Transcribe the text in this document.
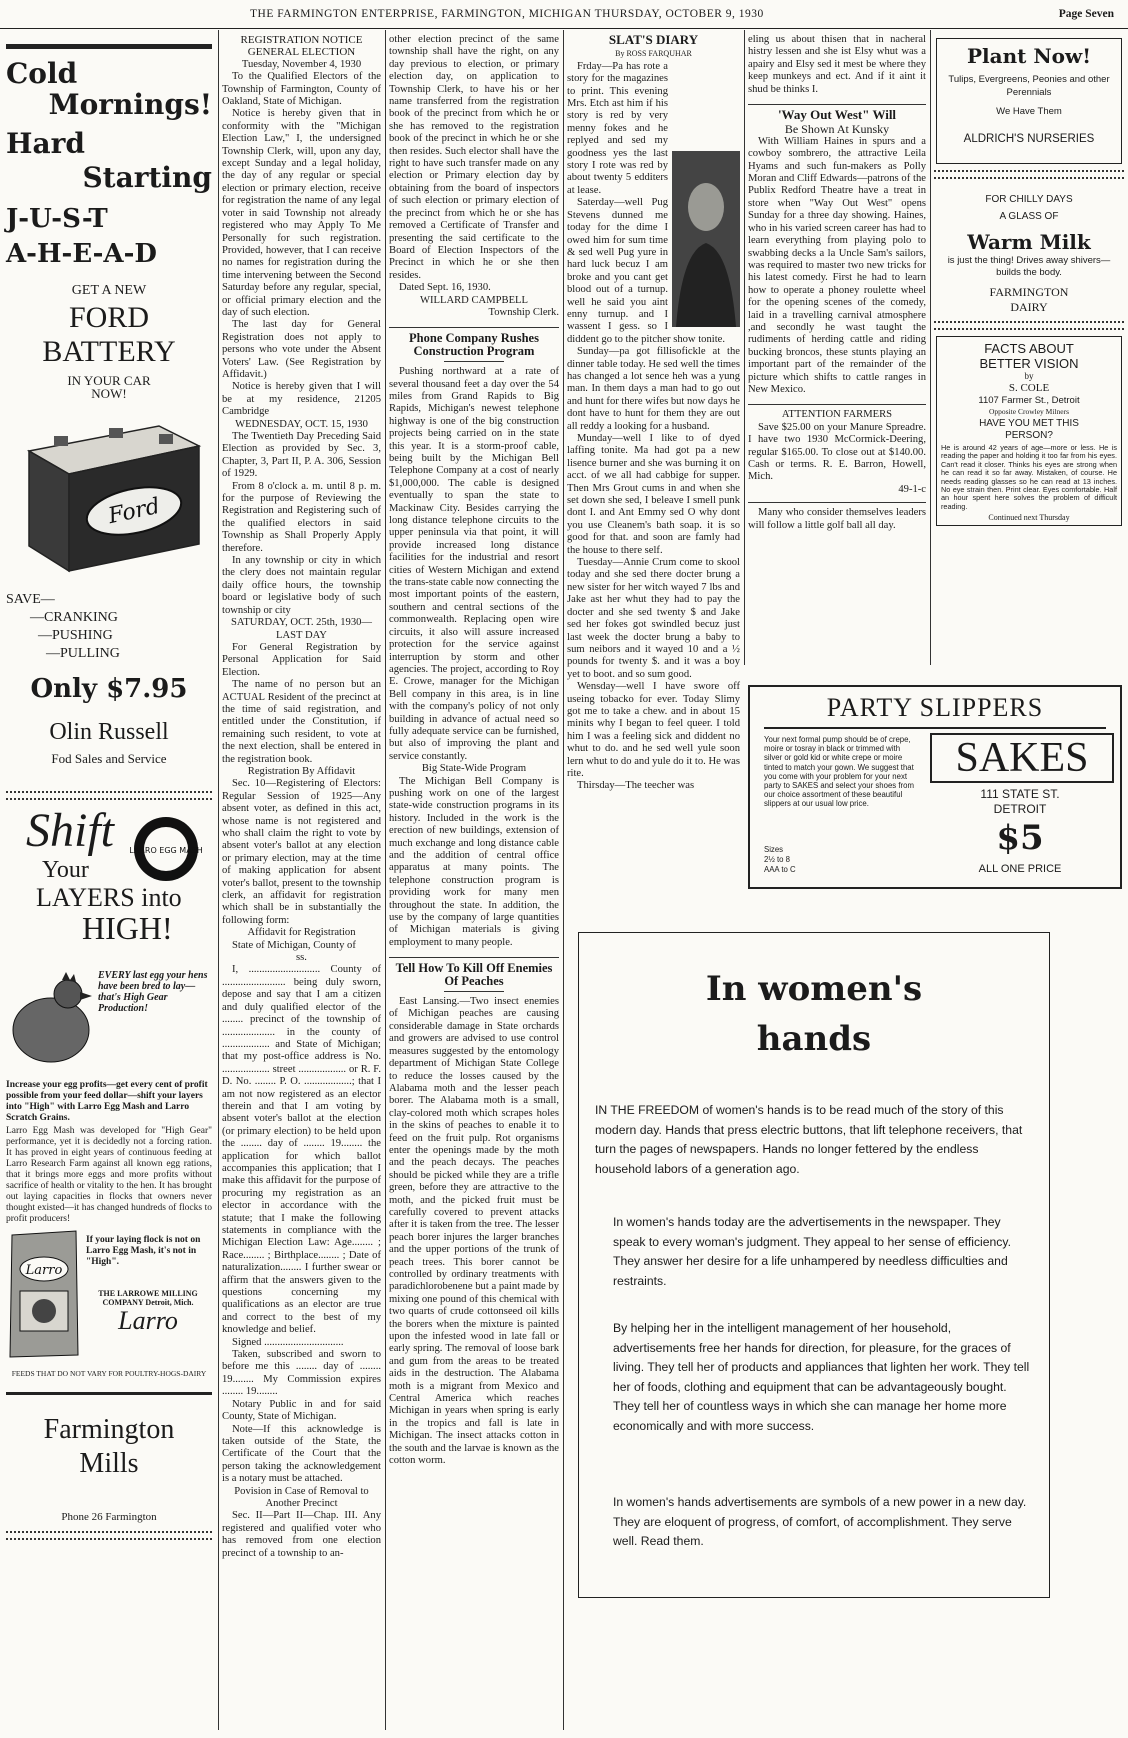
THE FARMINGTON ENTERPRISE, FARMINGTON, MICHIGAN THURSDAY, OCTOBER 9, 1930	Page Seven
Cold
Mornings!
Hard
Starting
J-U-S-T
A-H-E-A-D
GET A NEW
FORD
BATTERY
IN YOUR CAR
NOW!
Ford
SAVE—
—CRANKING
—PUSHING
—PULLING
Only $7.95
Olin Russell
Fod Sales and Service
Shift LARRO EGG MASH
Your
LAYERS into
HIGH!
EVERY last egg your hens have been bred to lay—that's High Gear Production!
Increase your egg profits—get every cent of profit possible from your feed dollar—shift your layers into "High" with Larro Egg Mash and Larro Scratch Grains.
Larro Egg Mash was developed for "High Gear" performance, yet it is decidedly not a forcing ration. It has proved in eight years of continuous feeding at Larro Research Farm against all known egg rations, that it brings more eggs and more profits without sacrifice of health or vitality to the hen. It has brought out laying capacities in flocks that owners never thought existed—it has changed hundreds of flocks to profit producers!
Larro
If your laying flock is not on Larro Egg Mash, it's not in "High".
THE LARROWE MILLING COMPANY Detroit, Mich.
Larro
FEEDS THAT DO NOT VARY FOR POULTRY-HOGS-DAIRY
Farmington Mills
Phone 26 Farmington

REGISTRATION NOTICE

GENERAL ELECTION

Tuesday, November 4, 1930

To the Qualified Electors of the Township of Farmington, County of Oakland, State of Michigan.

Notice is hereby given that in conformity with the "Michigan Election Law," I, the undersigned Township Clerk, will, upon any day, except Sunday and a legal holiday, the day of any regular or special election or primary election, receive for registration the name of any legal voter in said Township not already registered who may Apply To Me Personally for such registration. Provided, however, that I can receive no names for registration during the time intervening between the Second Saturday before any regular, special, or official primary election and the day of such election.

The last day for General Registration does not apply to persons who vote under the Absent Voters' Law. (See Registration by Affidavit.)

Notice is hereby given that I will be at my residence, 21205 Cambridge

WEDNESDAY, OCT. 15, 1930

The Twentieth Day Preceding Said Election as provided by Sec. 3, Chapter, 3, Part II, P. A. 306, Session of 1929.

From 8 o'clock a. m. until 8 p. m. for the purpose of Reviewing the Registration and Registering such of the qualified electors in said Township as Shall Properly Apply therefore.

In any township or city in which the clery does not maintain regular daily office hours, the township board or legislative body of such township or city

SATURDAY, OCT. 25th, 1930—LAST DAY

For General Registration by Personal Application for Said Election.

The name of no person but an ACTUAL Resident of the precinct at the time of said registration, and entitled under the Constitution, if remaining such resident, to vote at the next election, shall be entered in the registration book.

Registration By Affidavit

Sec. 10—Registering of Electors: Regular Session of 1925—Any absent voter, as defined in this act, whose name is not registered and who shall claim the right to vote by absent voter's ballot at any election or primary election, may at the time of making application for absent voter's ballot, present to the township clerk, an affidavit for registration which shall be in substantially the following form:

Affidavit for Registration

State of Michigan, County of

ss.

I, ........................... County of ........................ being duly sworn, depose and say that I am a citizen and duly qualified elector of the ........ precinct of the township of .................... in the county of .................. and State of Michigan; that my post-office address is No. .................. street .................. or R. F. D. No. ........ P. O. ..................; that I am not now registered as an elector therein and that I am voting by absent voter's ballot at the election (or primary election) to be held upon the ........ day of ........ 19........ the application for which ballot accompanies this application; that I make this affidavit for the purpose of procuring my registration as an elector in accordance with the statute; that I make the following statements in compliance with the Michigan Election Law: Age........ ; Race........ ; Birthplace........ ; Date of naturalization........ I further swear or affirm that the answers given to the questions concerning my qualifications as an elector are true and correct to the best of my knowledge and belief.

Signed ..............................

Taken, subscribed and sworn to before me this ........ day of ........ 19........ My Commission expires ........ 19........

Notary Public in and for said County, State of Michigan.

Note—If this acknowledge is taken outside of the State, the Certificate of the Court that the person taking the acknowledgement is a notary must be attached.

Povision in Case of Removal to Another Precinct

Sec. II—Part II—Chap. III. Any registered and qualified voter who has removed from one election precinct of a township to an-

other election precinct of the same township shall have the right, on any day previous to election, or primary election day, on application to Township Clerk, to have his or her name transferred from the registration book of the precinct from which he or she has removed to the registration book of the precinct in which he or she then resides. Such elector shall have the right to have such transfer made on any election or Primary election day by obtaining from the board of inspectors of such election or primary election of the precinct from which he or she has removed a Certificate of Transfer and presenting the said certificate to the Board of Election Inspectors of the Precinct in which he or she then resides.

Dated Sept. 16, 1930.

WILLARD CAMPBELL

Township Clerk.

Phone Company Rushes Construction Program

Pushing northward at a rate of several thousand feet a day over the 54 miles from Grand Rapids to Big Rapids, Michigan's newest telephone highway is one of the big construction projects being carried on in the state this year. It is a storm-proof cable, being built by the Michigan Bell Telephone Company at a cost of nearly $1,000,000. The cable is designed eventually to span the state to Mackinaw City. Besides carrying the long distance telephone circuits to the upper peninsula via that point, it will provide increased long distance facilities for the industrial and resort cities of Western Michigan and extend the trans-state cable now connecting the most important points of the eastern, southern and central sections of the commonwealth. Replacing open wire circuits, it also will assure increased protection for the service against interruption by storm and other agencies. The project, according to Roy E. Crowe, manager for the Michigan Bell company in this area, is in line with the company's policy of not only building in advance of actual need so fully adequate service can be furnished, but also of improving the plant and service constantly.

Big State-Wide Program

The Michigan Bell Company is pushing work on one of the largest state-wide construction programs in its history. Included in the work is the erection of new buildings, extension of much exchange and long distance cable and the addition of central office apparatus at many points. The telephone construction program is providing work for many men throughout the state. In addition, the use by the company of large quantities of Michigan materials is giving employment to many people.

Tell How To Kill Off Enemies Of Peaches

East Lansing.—Two insect enemies of Michigan peaches are causing considerable damage in State orchards and growers are advised to use control measures suggested by the entomology department of Michigan State College to reduce the losses caused by the Alabama moth and the lesser peach borer. The Alabama moth is a small, clay-colored moth which scrapes holes in the skins of peaches to enable it to feed on the fruit pulp. Rot organisms enter the openings made by the moth and the peach decays. The peaches should be picked while they are a trifle green, before they are attractive to the moth, and the picked fruit must be carefully covered to prevent attacks after it is taken from the tree. The lesser peach borer injures the larger branches and the upper portions of the trunk of peach trees. This borer cannot be controlled by ordinary treatments with paradichlorobenene but a paint made by mixing one pound of this chemical with two quarts of crude cottonseed oil kills the borers when the mixture is painted upon the infested wood in late fall or early spring. The removal of loose bark and gum from the areas to be treated aids in the destruction. The Alabama moth is a migrant from Mexico and Central America which reaches Michigan in years when spring is early in the tropics and fall is late in Michigan. The insect attacks cotton in the south and the larvae is known as the cotton worm.

SLAT'S DIARY

By ROSS FARQUHAR

Frday—Pa has rote a story for the magazines to print. This evening Mrs. Etch ast him if his story is red by very menny fokes and he replyed and sed my goodness yes the last story I rote was red by about twenty 5 edditers at lease.

Saterday—well Pug Stevens dunned me today for the dime I owed him for sum time & sed well Pug yure in hard luck becuz I am broke and you cant get blood out of a turnup. well he said you aint enny turnup. and I wassent I gess. so I diddent go to the pitcher show tonite.

Sunday—pa got fillisofickle at the dinner table today. He sed well the times has changed a lot sence heh was a yung man. In them days a man had to go out and hunt for there wifes but now days he dont have to hunt for them they are out all reddy a looking for a husband.

Munday—well I like to of dyed laffing tonite. Ma had got pa a new lisence burner and she was burning it on acct. of we all had cabbige for supper. Then Mrs Grout cums in and when she set down she sed, I beleave I smell punk dont I. and Ant Emmy sed O why dont you use Cleanem's bath soap. it is so good for that. and soon are famly had the house to there self.

Tuesday—Annie Crum come to skool today and she sed there docter brung a new sister for her witch wayed 7 lbs and Jake ast her whut they had to pay the docter and she sed twenty $ and Jake sed her fokes got swindled becuz just last week the docter brung a baby to sum neibors and it wayed 10 and a ½ pounds for twenty $. and it was a boy yet to boot. and so sum good.

Wensday—well I have swore off useing tobacko for ever. Today Slimy got me to take a chew. and in about 15 minits why I began to feel queer. I told him I was a feeling sick and diddent no whut to do. and he sed well yule soon lern whut to do and yule do it to. He was rite.

Thirsday—The teecher was

eling us about thisen that in nacheral histry lessen and she ist Elsy whut was a apairy and Elsy sed it mest be where they keep munkeys and ect. And if it aint it shud be thinks I.

'Way Out West" Will

Be Shown At Kunsky

With William Haines in spurs and a cowboy sombrero, the attractive Leila Hyams and such fun-makers as Polly Moran and Cliff Edwards—patrons of the Publix Redford Theatre have a treat in store when "Way Out West" opens Sunday for a three day showing. Haines, who in his varied screen career has had to learn everything from playing polo to swabbing decks a la Uncle Sam's sailors, was required to master two new tricks for his latest comedy. First he had to learn how to operate a phoney roulette wheel for the opening scenes of the comedy, laid in a travelling carnival atmosphere ,and secondly he wast taught the rudiments of herding cattle and riding bucking broncos, these stunts playing an important part of the remainder of the picture which shifts to cattle ranges in New Mexico.

ATTENTION FARMERS

Save $25.00 on your Manure Spreadre. I have two 1930 McCormick-Deering, regular $165.00. To close out at $140.00. Cash or terms. R. E. Barron, Howell, Mich.

49-1-c

Many who consider themselves leaders will follow a little golf ball all day.

Plant Now!
Tulips, Evergreens, Peonies and other Perennials
We Have Them
ALDRICH'S NURSERIES
FOR CHILLY DAYS
A GLASS OF
Warm Milk
is just the thing! Drives away shivers—builds the body.
FARMINGTON
DAIRY
FACTS ABOUT
BETTER VISION
by
S. COLE
1107 Farmer St., Detroit
Opposite Crowley Milners
HAVE YOU MET THIS
PERSON?
He is around 42 years of age—more or less. He is reading the paper and holding it too far from his eyes. Can't read it closer. Thinks his eyes are strong when he can read it so far away. Mistaken, of course. He needs reading glasses so he can read at 13 inches. No eye strain then. Print clear. Eyes comfortable. Half an hour spent here solves the problem of difficult reading.
Continued next Thursday
PARTY SLIPPERS
Your next formal pump should be of crepe, moire or tosray in black or trimmed with silver or gold kid or white crepe or moire tinted to match your gown. We suggest that you come with your problem for your next party to SAKES and select your shoes from our choice assortment of these beautiful slippers at our usual low price.
Sizes
2½ to 8
AAA to C
SAKES
111 STATE ST.
DETROIT
$5
ALL ONE PRICE
In women's
hands
IN THE FREEDOM of women's hands is to be read much of the story of this modern day. Hands that press electric buttons, that lift telephone receivers, that turn the pages of newspapers. Hands no longer fettered by the endless household labors of a generation ago.
In women's hands today are the advertisements in the newspaper. They speak to every woman's judgment. They appeal to her sense of efficiency. They answer her desire for a life unhampered by needless difficulties and restraints.
By helping her in the intelligent management of her household, advertisements free her hands for direction, for pleasure, for the graces of living. They tell her of products and appliances that lighten her work. They tell her of foods, clothing and equipment that can be advantageously bought. They tell her of countless ways in which she can manage her home more economically and with more success.
In women's hands advertisements are symbols of a new power in a new day. They are eloquent of progress, of comfort, of accomplishment. They serve well. Read them.
